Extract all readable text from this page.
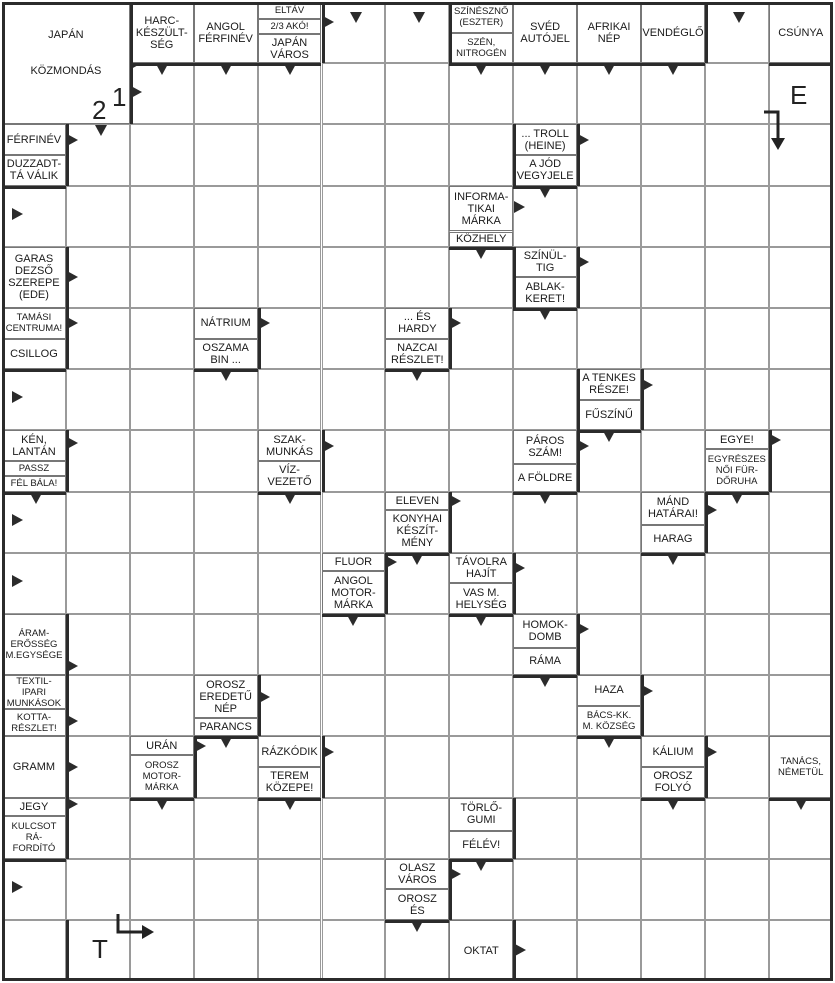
JAPÁN
KÖZMONDÁS
1
2
HARC-
KÉSZÜLT-
SÉG
ANGOL
FÉRFINÉV
ELTÁV
2/3 AKÓ!
JAPÁN
VÁROS
SZÍNÉSZNŐ
(ESZTER)
SZÉN,
NITROGÉN
SVÉD
AUTÓJEL
AFRIKAI
NÉP	VENDÉGLŐ	CSÚNYA
E
T
FÉRFINÉV
DUZZADT-
TÁ VÁLIK
GARAS
DEZSŐ
SZEREPE
(EDE)
TAMÁSI
CENTRUMA!
CSILLOG
KÉN,
LANTÁN
PASSZ
FÉL BÁLA!
ÁRAM-
ERŐSSÉG
M.EGYSÉGE
TEXTIL-
IPARI
MUNKÁSOK
KOTTA-
RÉSZLET!
GRAMM
JEGY
KULCSOT
RÁ-
FORDÍTÓ
... TROLL
(HEINE)
A JÓD
VEGYJELE
INFORMA-
TIKAI
MÁRKA
KÖZHELY
SZÍNÜL-
TIG
ABLAK-
KERET!
NÁTRIUM
OSZAMA
BIN ...
... ÉS
HARDY
NAZCAI
RÉSZLET!
A TENKES
RÉSZE!
FŰSZÍNŰ
SZAK-
MUNKÁS
VÍZ-
VEZETŐ
PÁROS
SZÁM!
A FÖLDRE
EGYE!
EGYRÉSZES
NŐI FÜR-
DŐRUHA
ELEVEN
KONYHAI
KÉSZÍT-
MÉNY
MÁND
HATÁRAI!
HARAG
FLUOR
ANGOL
MOTOR-
MÁRKA
TÁVOLRA
HAJÍT
VAS M.
HELYSÉG
HOMOK-
DOMB
RÁMA
OROSZ
EREDETŰ
NÉP
PARANCS
HAZA
BÁCS-KK.
M. KÖZSÉG
URÁN
OROSZ
MOTOR-
MÁRKA
RÁZKÓDIK
TEREM
KÖZEPE!
KÁLIUM
OROSZ
FOLYÓ
TANÁCS,
NÉMETÜL
TÖRLŐ-
GUMI
FÉLÉV!
OLASZ
VÁROS
OROSZ
ÉS
OKTAT
